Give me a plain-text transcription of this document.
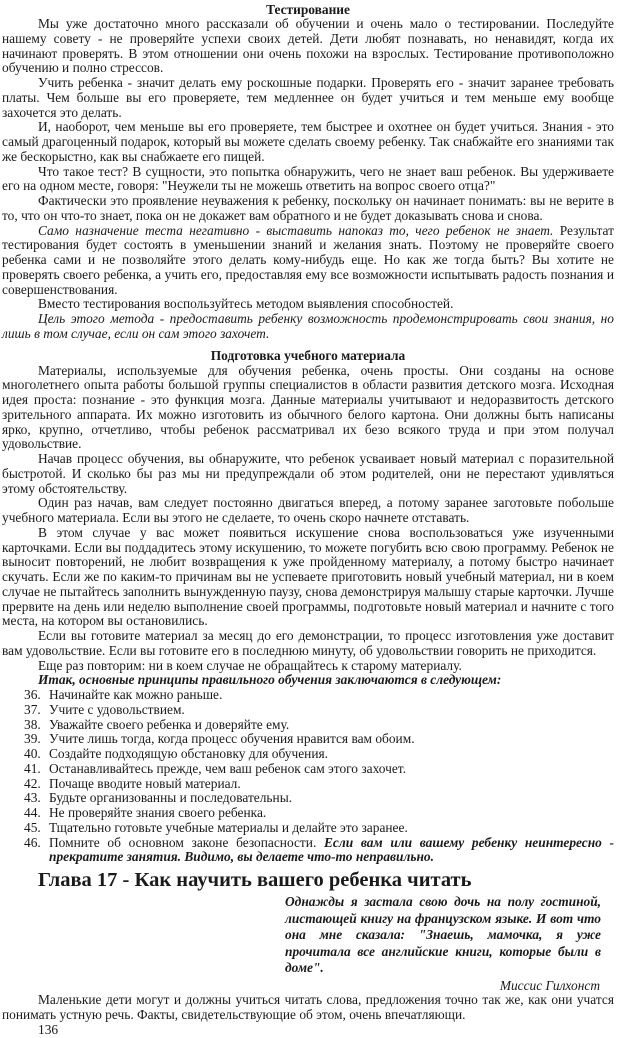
Тестирование

Мы уже достаточно много рассказали об обучении и очень мало о тестировании. Последуйте нашему совету - не проверяйте успехи своих детей. Дети любят познавать, но ненавидят, когда их начинают проверять. В этом отношении они очень похожи на взрослых. Тестирование противоположно обучению и полно стрессов.

Учить ребенка - значит делать ему роскошные подарки. Проверять его - значит заранее требовать платы. Чем больше вы его проверяете, тем медленнее он будет учиться и тем меньше ему вообще захочется это делать.

И, наоборот, чем меньше вы его проверяете, тем быстрее и охотнее он будет учиться. Знания - это самый драгоценный подарок, который вы можете сделать своему ребенку. Так снабжайте его знаниями так же бескорыстно, как вы снабжаете его пищей.

Что такое тест? В сущности, это попытка обнаружить, чего не знает ваш ребенок. Вы удерживаете его на одном месте, говоря: "Неужели ты не можешь ответить на вопрос своего отца?"

Фактически это проявление неуважения к ребенку, поскольку он начинает понимать: вы не верите в то, что он что-то знает, пока он не докажет вам обратного и не будет доказывать снова и снова.

Само назначение теста негативно - выставить напоказ то, чего ребенок не знает. Результат тестирования будет состоять в уменьшении знаний и желания знать. Поэтому не проверяйте своего ребенка сами и не позволяйте этого делать кому-нибудь еще. Но как же тогда быть? Вы хотите не проверять своего ребенка, а учить его, предоставляя ему все возможности испытывать радость познания и совершенствования.

Вместо тестирования воспользуйтесь методом выявления способностей.

Цель этого метода - предоставить ребенку возможность продемонстрировать свои знания, но лишь в том случае, если он сам этого захочет.

Подготовка учебного материала

Материалы, используемые для обучения ребенка, очень просты. Они созданы на основе многолетнего опыта работы большой группы специалистов в области развития детского мозга. Исходная идея проста: познание - это функция мозга. Данные материалы учитывают и недоразвитость детского зрительного аппарата. Их можно изготовить из обычного белого картона. Они должны быть написаны ярко, крупно, отчетливо, чтобы ребенок рассматривал их безо всякого труда и при этом получал удовольствие.

Начав процесс обучения, вы обнаружите, что ребенок усваивает новый материал с поразительной быстротой. И сколько бы раз мы ни предупреждали об этом родителей, они не перестают удивляться этому обстоятельству.

Один раз начав, вам следует постоянно двигаться вперед, а потому заранее заготовьте побольше учебного материала. Если вы этого не сделаете, то очень скоро начнете отставать.

В этом случае у вас может появиться искушение снова воспользоваться уже изученными карточками. Если вы поддадитесь этому искушению, то можете погубить всю свою программу. Ребенок не выносит повторений, не любит возвращения к уже пройденному материалу, а потому быстро начинает скучать. Если же по каким-то причинам вы не успеваете приготовить новый учебный материал, ни в коем случае не пытайтесь заполнить вынужденную паузу, снова демонстрируя малышу старые карточки. Лучше прервите на день или неделю выполнение своей программы, подготовьте новый материал и начните с того места, на котором вы остановились.

Если вы готовите материал за месяц до его демонстрации, то процесс изготовления уже доставит вам удовольствие. Если вы готовите его в последнюю минуту, об удовольствии говорить не приходится.

Еще раз повторим: ни в коем случае не обращайтесь к старому материалу.

Итак, основные принципы правильного обучения заключаются в следующем:

36. Начинайте как можно раньше.
37. Учите с удовольствием.
38. Уважайте своего ребенка и доверяйте ему.
39. Учите лишь тогда, когда процесс обучения нравится вам обоим.
40. Создайте подходящую обстановку для обучения.
41. Останавливайтесь прежде, чем ваш ребенок сам этого захочет.
42. Почаще вводите новый материал.
43. Будьте организованны и последовательны.
44. Не проверяйте знания своего ребенка.
45. Тщательно готовьте учебные материалы и делайте это заранее.
46. Помните об основном законе безопасности. Если вам или вашему ребенку неинтересно - прекратите занятия. Видимо, вы делаете что-то неправильно.
Глава 17 - Как научить вашего ребенка читать
Однажды я застала свою дочь на полу гостиной, листающей книгу на французском языке. И вот что она мне сказала: "Знаешь, мамочка, я уже прочитала все английские книги, которые были в доме".
Миссис Гилхонст

Маленькие дети могут и должны учиться читать слова, предложения точно так же, как они учатся понимать устную речь. Факты, свидетельствующие об этом, очень впечатляющи.

136
